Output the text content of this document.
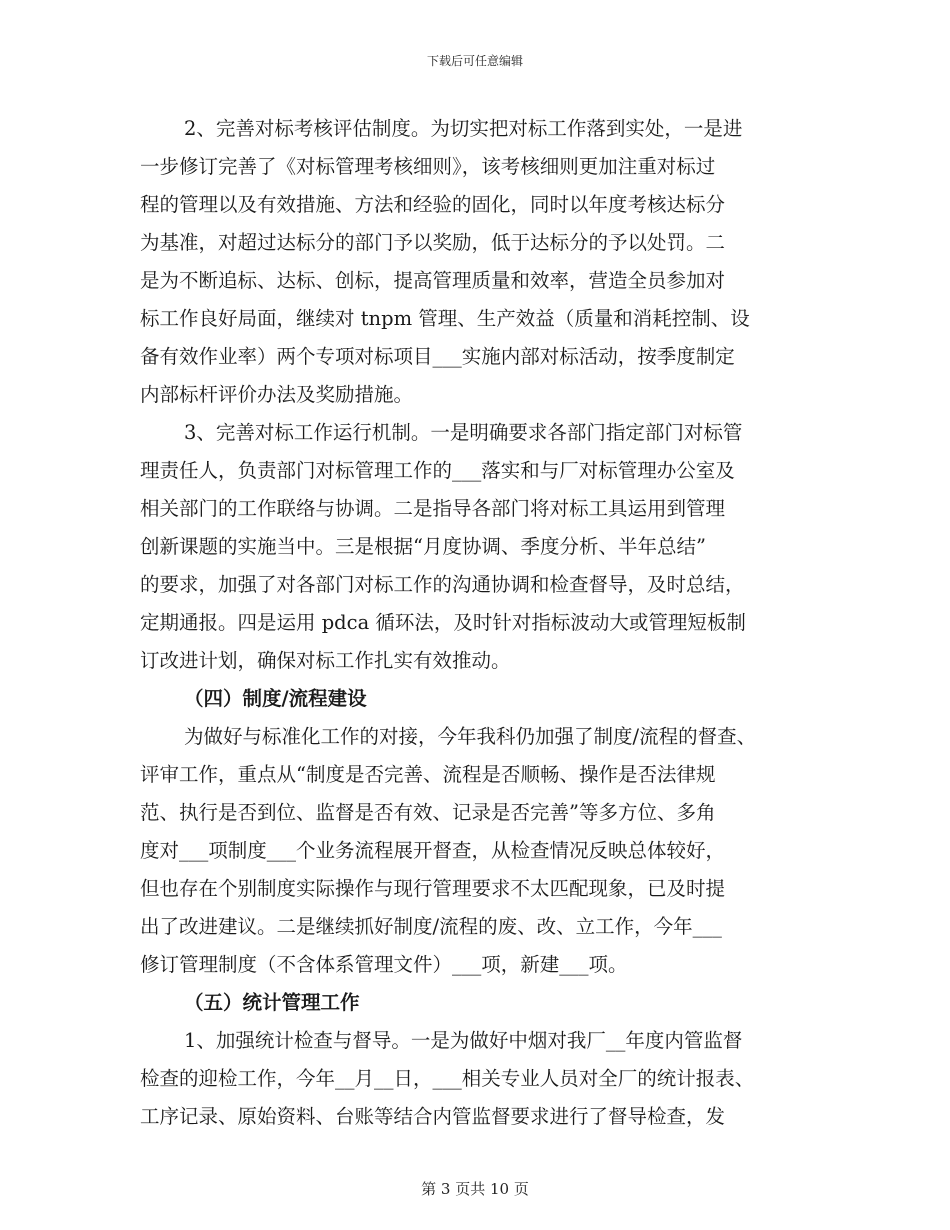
下载后可任意编辑
2、完善对标考核评估制度。为切实把对标工作落到实处，一是进
一步修订完善了《对标管理考核细则》，该考核细则更加注重对标过
程的管理以及有效措施、方法和经验的固化，同时以年度考核达标分
为基准，对超过达标分的部门予以奖励，低于达标分的予以处罚。二
是为不断追标、达标、创标，提高管理质量和效率，营造全员参加对
标工作良好局面，继续对 tnpm 管理、生产效益（质量和消耗控制、设
备有效作业率）两个专项对标项目___实施内部对标活动，按季度制定
内部标杆评价办法及奖励措施。
3、完善对标工作运行机制。一是明确要求各部门指定部门对标管
理责任人，负责部门对标管理工作的___落实和与厂对标管理办公室及
相关部门的工作联络与协调。二是指导各部门将对标工具运用到管理
创新课题的实施当中。三是根据“月度协调、季度分析、半年总结”
的要求，加强了对各部门对标工作的沟通协调和检查督导，及时总结，
定期通报。四是运用 pdca 循环法，及时针对指标波动大或管理短板制
订改进计划，确保对标工作扎实有效推动。
（四）制度/流程建设
为做好与标准化工作的对接，今年我科仍加强了制度/流程的督查、
评审工作，重点从“制度是否完善、流程是否顺畅、操作是否法律规
范、执行是否到位、监督是否有效、记录是否完善”等多方位、多角
度对___项制度___个业务流程展开督查，从检查情况反映总体较好，
但也存在个别制度实际操作与现行管理要求不太匹配现象，已及时提
出了改进建议。二是继续抓好制度/流程的废、改、立工作，今年___
修订管理制度（不含体系管理文件）___项，新建___项。
（五）统计管理工作
1、加强统计检查与督导。一是为做好中烟对我厂__年度内管监督
检查的迎检工作，今年__月__日，___相关专业人员对全厂的统计报表、
工序记录、原始资料、台账等结合内管监督要求进行了督导检查，发
第 3 页共 10 页
